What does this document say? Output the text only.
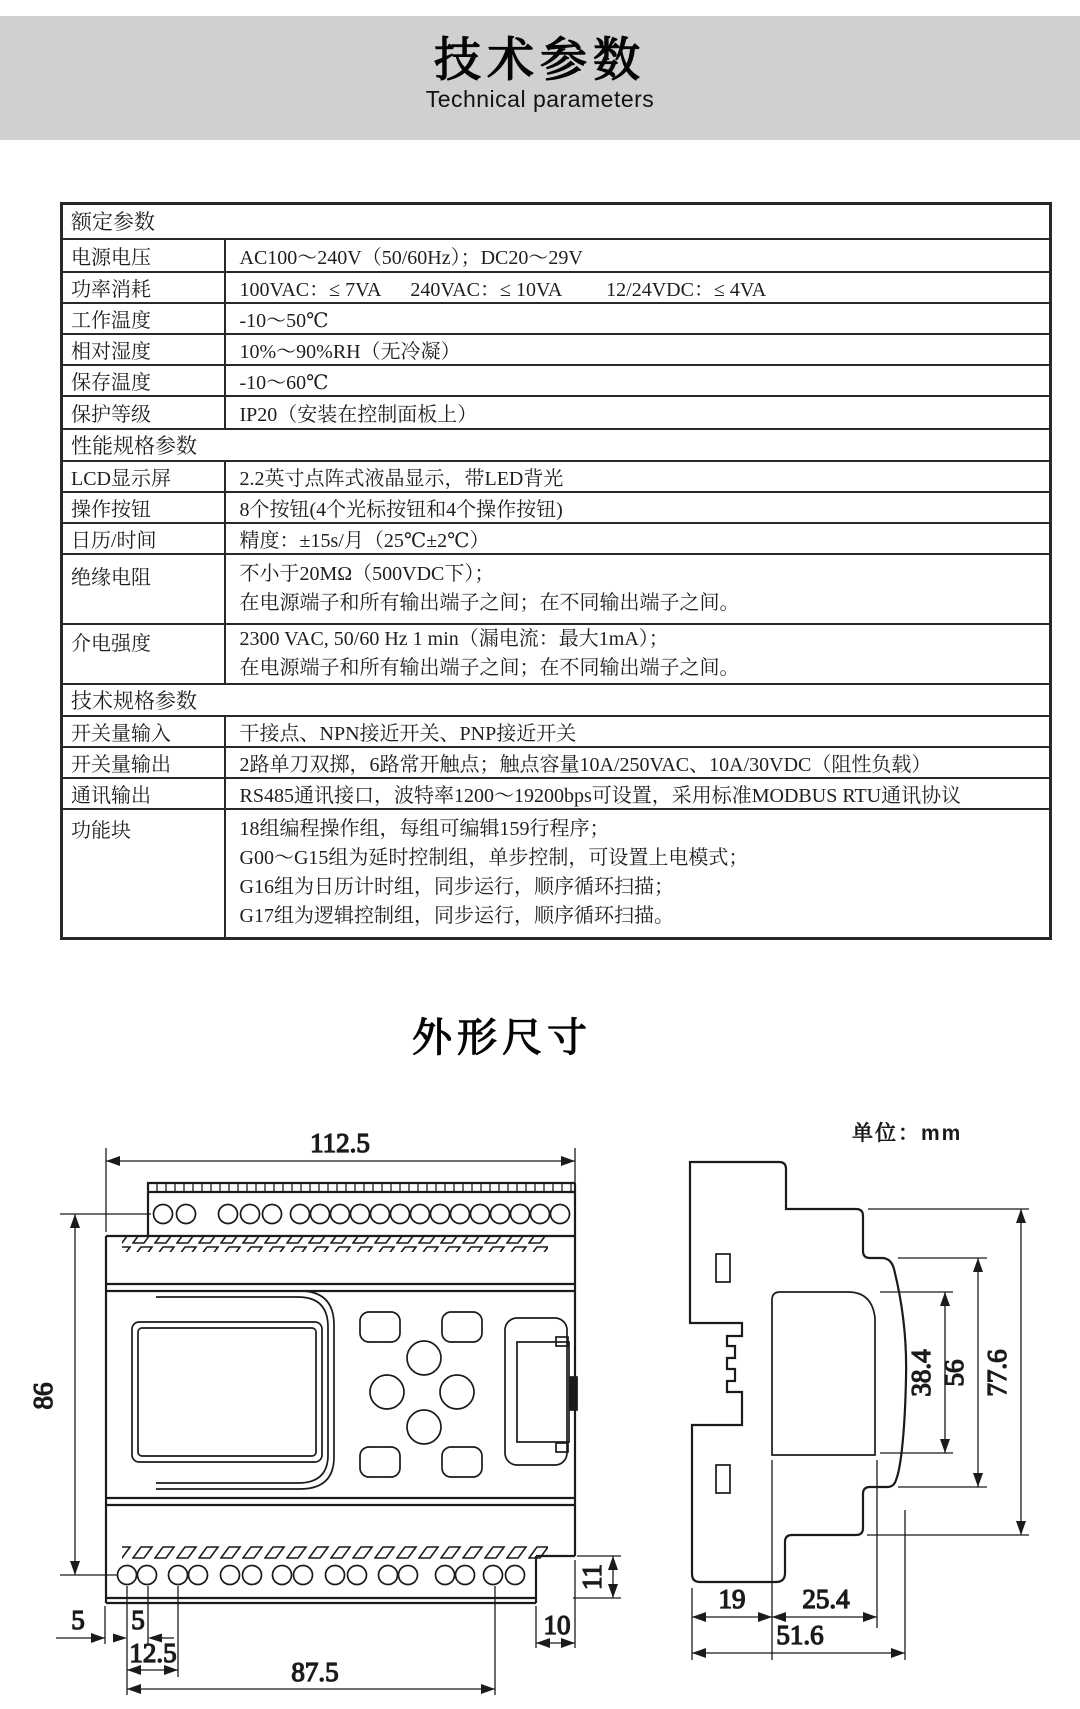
技术参数
Technical parameters
额定参数	
电源电压	AC100～240V（50/60Hz）；DC20～29V
功率消耗	100VAC：≤ 7VA      240VAC：≤ 10VA         12/24VDC：≤ 4VA
工作温度	-10～50℃
相对湿度	10%～90%RH（无冷凝）
保存温度	-10～60℃
保护等级	IP20（安装在控制面板上）
性能规格参数	
LCD显示屏	2.2英寸点阵式液晶显示，带LED背光
操作按钮	8个按钮(4个光标按钮和4个操作按钮)
日历/时间	精度：±15s/月（25℃±2℃）
绝缘电阻	不小于20MΩ（500VDC下）；
在电源端子和所有输出端子之间；在不同输出端子之间。

介电强度	2300 VAC, 50/60 Hz 1 min（漏电流：最大1mA）；
在电源端子和所有输出端子之间；在不同输出端子之间。

技术规格参数	
开关量输入	干接点、NPN接近开关、PNP接近开关
开关量输出	2路单刀双掷，6路常开触点；触点容量10A/250VAC、10A/30VDC（阻性负载）
通讯输出	RS485通讯接口，波特率1200～19200bps可设置，采用标准MODBUS RTU通讯协议
功能块	18组编程操作组，每组可编辑159行程序；
G00～G15组为延时控制组，单步控制，可设置上电模式；
G16组为日历计时组，同步运行，顺序循环扫描；
G17组为逻辑控制组，同步运行，顺序循环扫描。
外形尺寸
单位：mm
112.5
86
5 5
12.5
87.5
10
11
19 25.4
51.6
38.4 56 77.6
